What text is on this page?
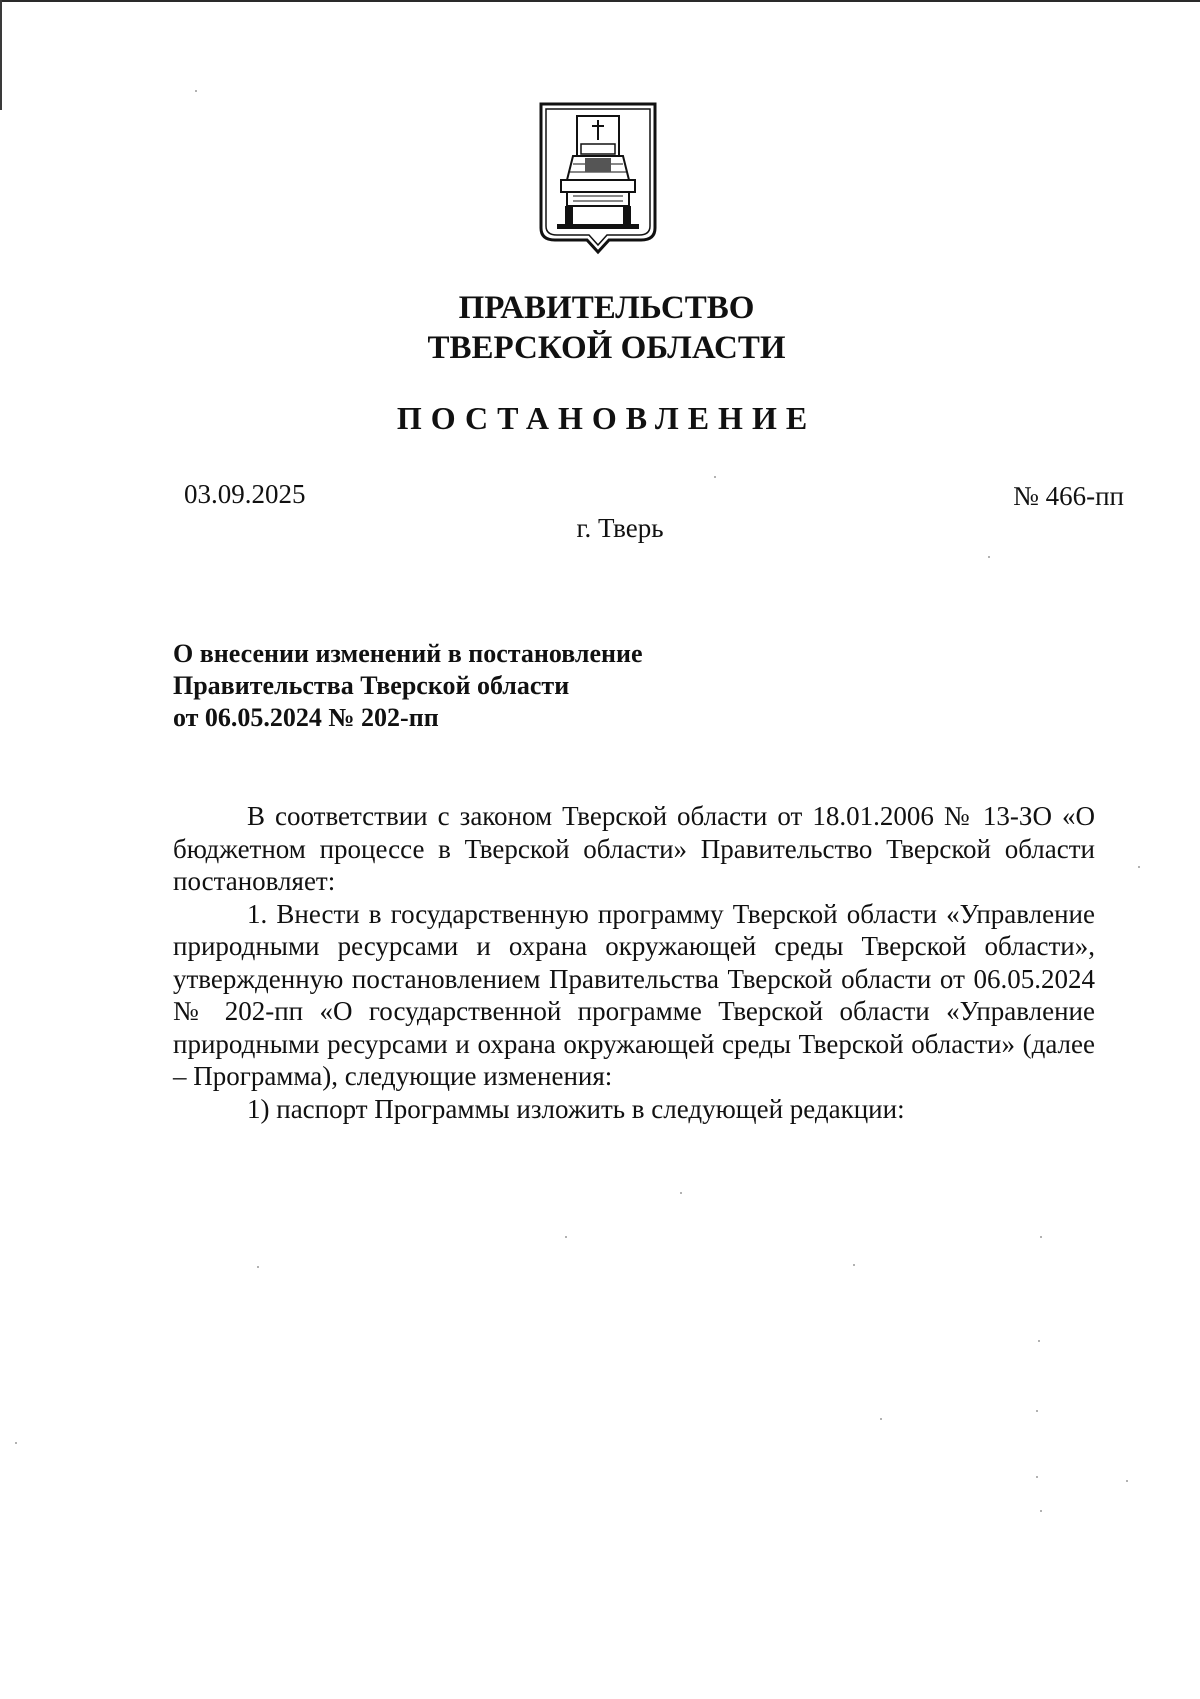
ПРАВИТЕЛЬСТВО
ТВЕРСКОЙ ОБЛАСТИ
ПОСТАНОВЛЕНИЕ
03.09.2025	№ 466-пп
г. Тверь
О внесении изменений в постановление
Правительства Тверской области
от 06.05.2024 № 202-пп

В соответствии с законом Тверской области от 18.01.2006 № 13-ЗО «О бюджетном процессе в Тверской области» Правительство Тверской области постановляет:

1. Внести в государственную программу Тверской области «Управление природными ресурсами и охрана окружающей среды Тверской области», утвержденную постановлением Правительства Тверской области от 06.05.2024 № 202-пп «О государственной программе Тверской области «Управление природными ресурсами и охрана окружающей среды Тверской области» (далее – Программа), следующие изменения:

1) паспорт Программы изложить в следующей редакции:
